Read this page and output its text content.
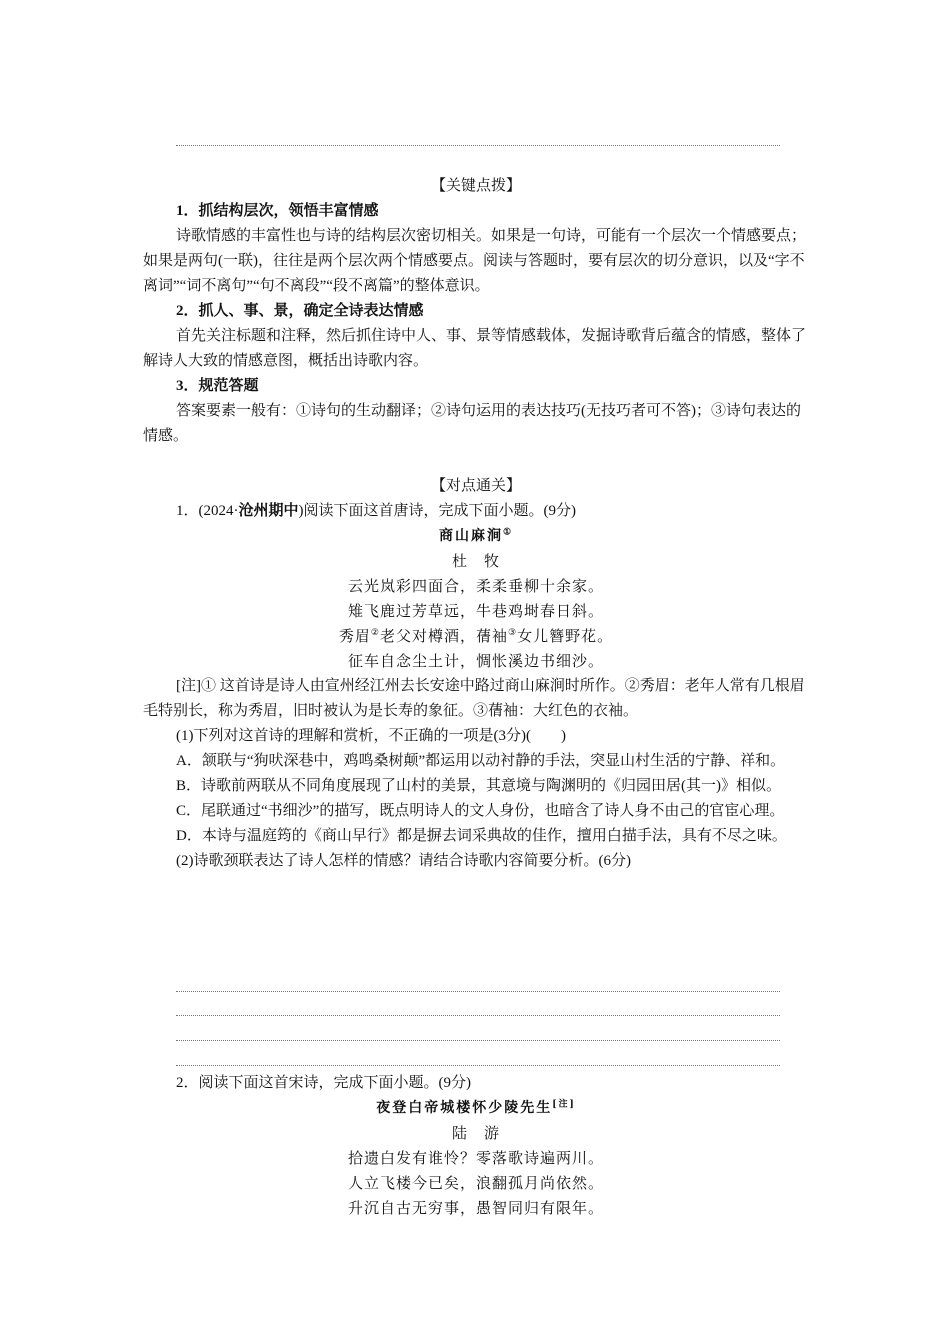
【关键点拨】

1．抓结构层次，领悟丰富情感

诗歌情感的丰富性也与诗的结构层次密切相关。如果是一句诗，可能有一个层次一个情感要点；如果是两句(一联)，往往是两个层次两个情感要点。阅读与答题时，要有层次的切分意识，以及“字不离词”“词不离句”“句不离段”“段不离篇”的整体意识。

2．抓人、事、景，确定全诗表达情感

首先关注标题和注释，然后抓住诗中人、事、景等情感载体，发掘诗歌背后蕴含的情感，整体了解诗人大致的情感意图，概括出诗歌内容。

3．规范答题

答案要素一般有：①诗句的生动翻译；②诗句运用的表达技巧(无技巧者可不答)；③诗句表达的情感。

【对点通关】

1．(2024·沧州期中)阅读下面这首唐诗，完成下面小题。(9分)

商山麻涧①

杜　牧

云光岚彩四面合，柔柔垂柳十余家。

雉飞鹿过芳草远，牛巷鸡埘春日斜。

秀眉②老父对樽酒，蒨袖③女儿簪野花。

征车自念尘土计，惆怅溪边书细沙。

[注]① 这首诗是诗人由宣州经江州去长安途中路过商山麻涧时所作。②秀眉：老年人常有几根眉毛特别长，称为秀眉，旧时被认为是长寿的象征。③蒨袖：大红色的衣袖。

(1)下列对这首诗的理解和赏析，不正确的一项是(3分)(　　)

A．颔联与“狗吠深巷中，鸡鸣桑树颠”都运用以动衬静的手法，突显山村生活的宁静、祥和。

B．诗歌前两联从不同角度展现了山村的美景，其意境与陶渊明的《归园田居(其一)》相似。

C．尾联通过“书细沙”的描写，既点明诗人的文人身份，也暗含了诗人身不由己的官宦心理。

D．本诗与温庭筠的《商山早行》都是摒去词采典故的佳作，擅用白描手法，具有不尽之味。

(2)诗歌颈联表达了诗人怎样的情感？请结合诗歌内容简要分析。(6分)

2．阅读下面这首宋诗，完成下面小题。(9分)

夜登白帝城楼怀少陵先生[注]

陆　游

拾遗白发有谁怜？零落歌诗遍两川。

人立飞楼今已矣，浪翻孤月尚依然。

升沉自古无穷事，愚智同归有限年。
